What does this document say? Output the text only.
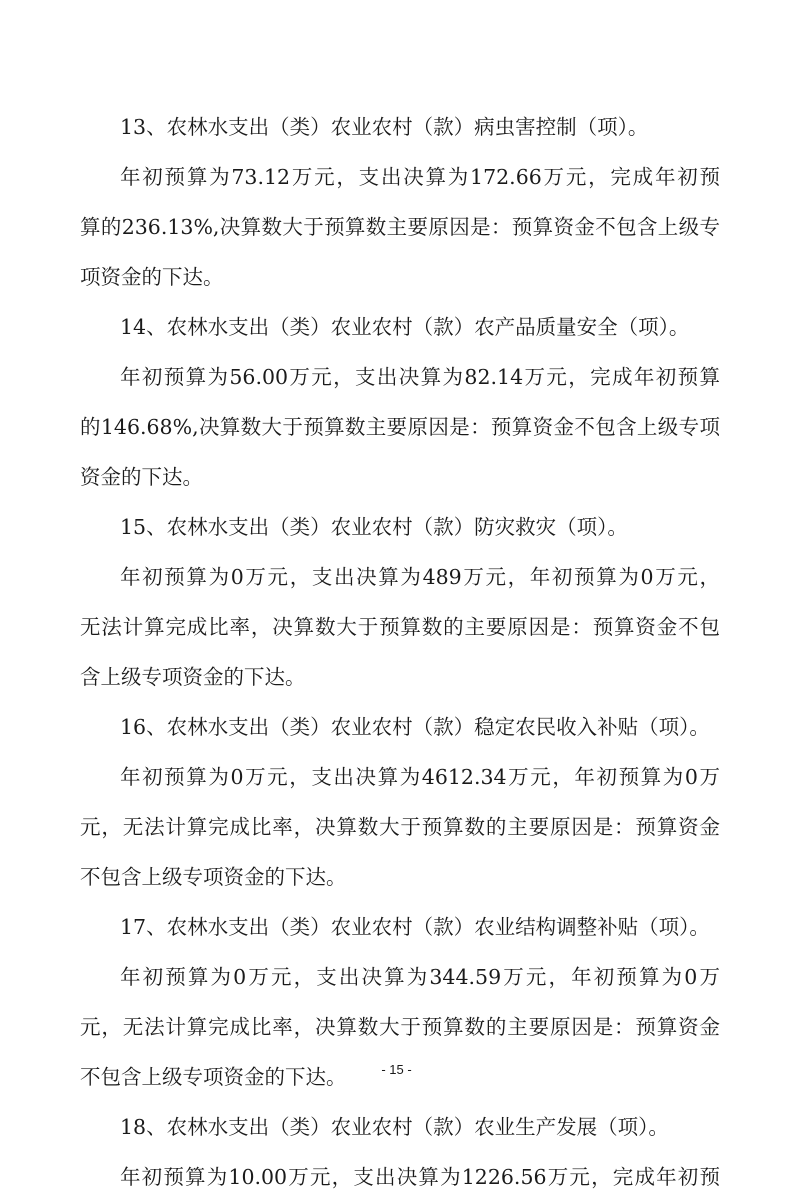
13、农林水支出（类）农业农村（款）病虫害控制（项）。
年初预算为73.12万元，支出决算为172.66万元，完成年初预
算的236.13%,决算数大于预算数主要原因是：预算资金不包含上级专
项资金的下达。
14、农林水支出（类）农业农村（款）农产品质量安全（项）。
年初预算为56.00万元，支出决算为82.14万元，完成年初预算
的146.68%,决算数大于预算数主要原因是：预算资金不包含上级专项
资金的下达。
15、农林水支出（类）农业农村（款）防灾救灾（项）。
年初预算为0万元，支出决算为489万元，年初预算为0万元，
无法计算完成比率，决算数大于预算数的主要原因是：预算资金不包
含上级专项资金的下达。
16、农林水支出（类）农业农村（款）稳定农民收入补贴（项）。
年初预算为0万元，支出决算为4612.34万元，年初预算为0万
元，无法计算完成比率，决算数大于预算数的主要原因是：预算资金
不包含上级专项资金的下达。
17、农林水支出（类）农业农村（款）农业结构调整补贴（项）。
年初预算为0万元，支出决算为344.59万元，年初预算为0万
元，无法计算完成比率，决算数大于预算数的主要原因是：预算资金
不包含上级专项资金的下达。
18、农林水支出（类）农业农村（款）农业生产发展（项）。
年初预算为10.00万元，支出决算为1226.56万元，完成年初预
- 15 -
